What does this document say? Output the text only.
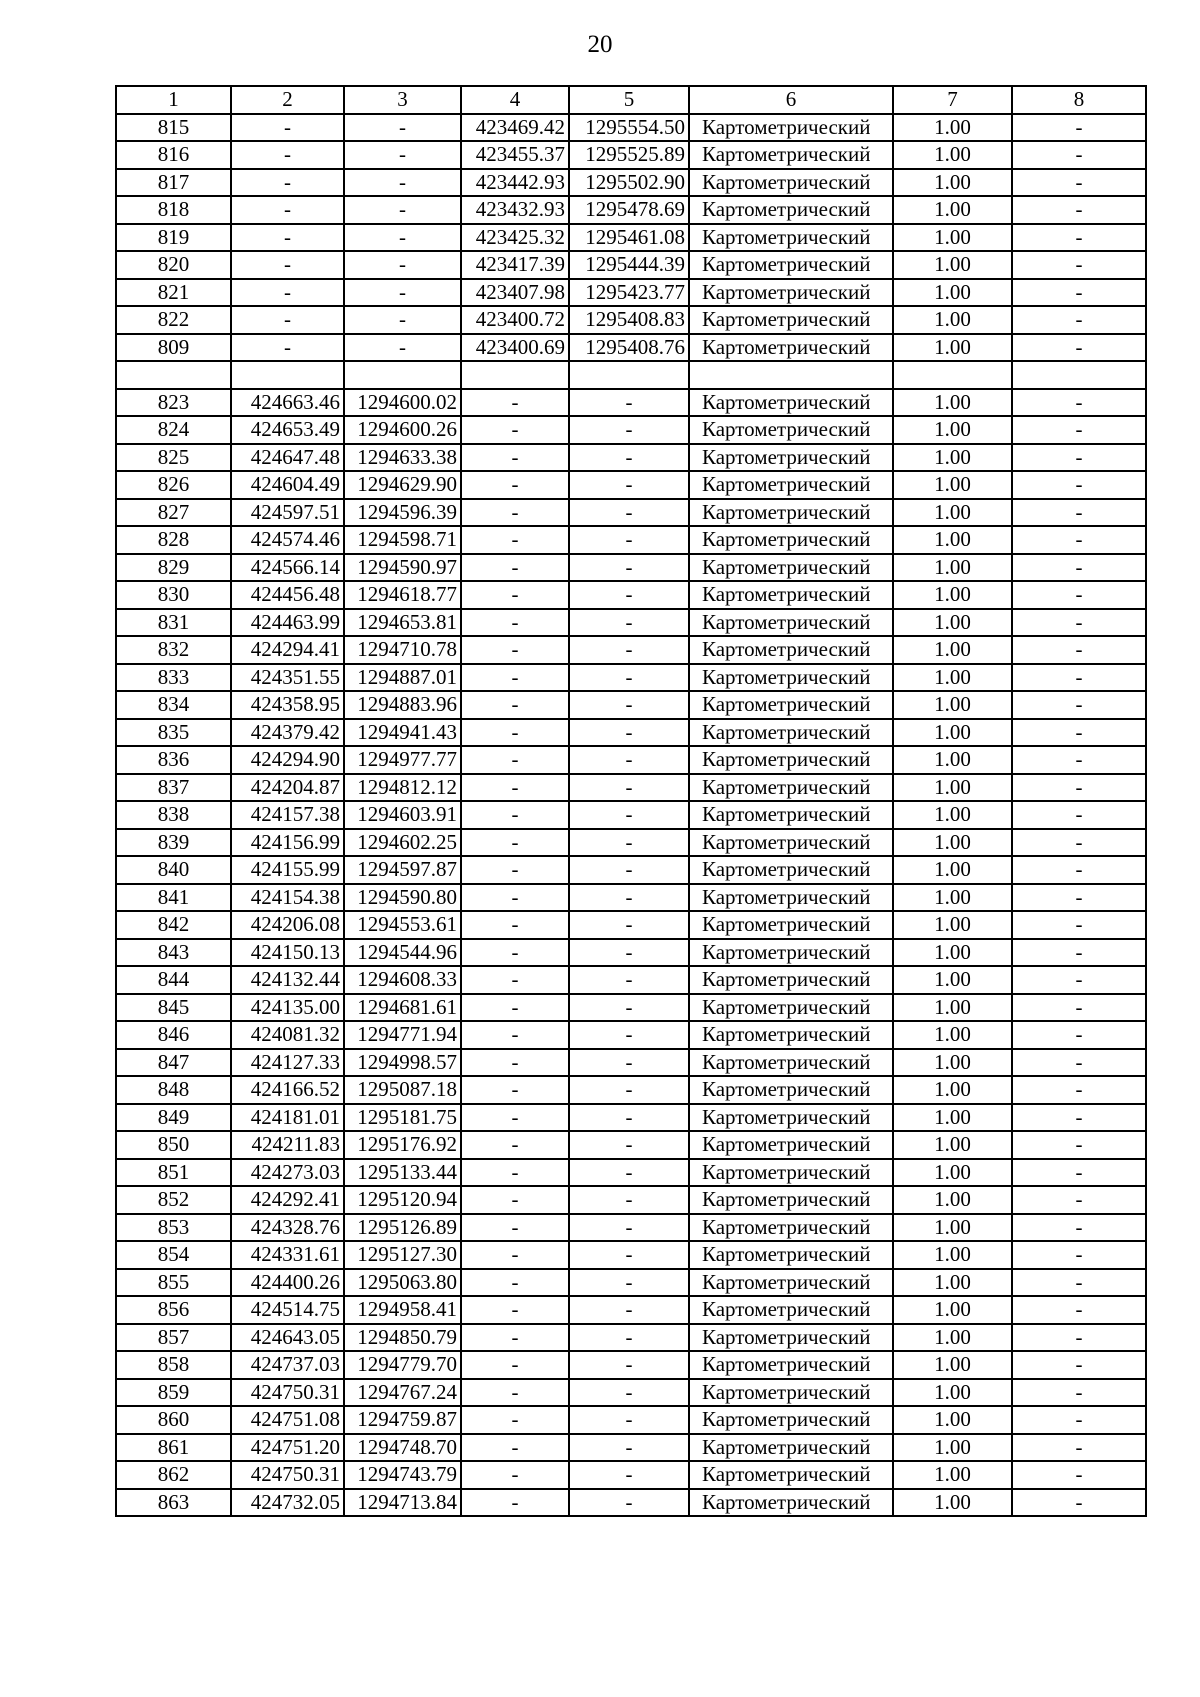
20
1	2	3	4	5	6	7	8
815	-	-	423469.42	1295554.50	Картометрический	1.00	-
816	-	-	423455.37	1295525.89	Картометрический	1.00	-
817	-	-	423442.93	1295502.90	Картометрический	1.00	-
818	-	-	423432.93	1295478.69	Картометрический	1.00	-
819	-	-	423425.32	1295461.08	Картометрический	1.00	-
820	-	-	423417.39	1295444.39	Картометрический	1.00	-
821	-	-	423407.98	1295423.77	Картометрический	1.00	-
822	-	-	423400.72	1295408.83	Картометрический	1.00	-
809	-	-	423400.69	1295408.76	Картометрический	1.00	-

823	424663.46	1294600.02	-	-	Картометрический	1.00	-
824	424653.49	1294600.26	-	-	Картометрический	1.00	-
825	424647.48	1294633.38	-	-	Картометрический	1.00	-
826	424604.49	1294629.90	-	-	Картометрический	1.00	-
827	424597.51	1294596.39	-	-	Картометрический	1.00	-
828	424574.46	1294598.71	-	-	Картометрический	1.00	-
829	424566.14	1294590.97	-	-	Картометрический	1.00	-
830	424456.48	1294618.77	-	-	Картометрический	1.00	-
831	424463.99	1294653.81	-	-	Картометрический	1.00	-
832	424294.41	1294710.78	-	-	Картометрический	1.00	-
833	424351.55	1294887.01	-	-	Картометрический	1.00	-
834	424358.95	1294883.96	-	-	Картометрический	1.00	-
835	424379.42	1294941.43	-	-	Картометрический	1.00	-
836	424294.90	1294977.77	-	-	Картометрический	1.00	-
837	424204.87	1294812.12	-	-	Картометрический	1.00	-
838	424157.38	1294603.91	-	-	Картометрический	1.00	-
839	424156.99	1294602.25	-	-	Картометрический	1.00	-
840	424155.99	1294597.87	-	-	Картометрический	1.00	-
841	424154.38	1294590.80	-	-	Картометрический	1.00	-
842	424206.08	1294553.61	-	-	Картометрический	1.00	-
843	424150.13	1294544.96	-	-	Картометрический	1.00	-
844	424132.44	1294608.33	-	-	Картометрический	1.00	-
845	424135.00	1294681.61	-	-	Картометрический	1.00	-
846	424081.32	1294771.94	-	-	Картометрический	1.00	-
847	424127.33	1294998.57	-	-	Картометрический	1.00	-
848	424166.52	1295087.18	-	-	Картометрический	1.00	-
849	424181.01	1295181.75	-	-	Картометрический	1.00	-
850	424211.83	1295176.92	-	-	Картометрический	1.00	-
851	424273.03	1295133.44	-	-	Картометрический	1.00	-
852	424292.41	1295120.94	-	-	Картометрический	1.00	-
853	424328.76	1295126.89	-	-	Картометрический	1.00	-
854	424331.61	1295127.30	-	-	Картометрический	1.00	-
855	424400.26	1295063.80	-	-	Картометрический	1.00	-
856	424514.75	1294958.41	-	-	Картометрический	1.00	-
857	424643.05	1294850.79	-	-	Картометрический	1.00	-
858	424737.03	1294779.70	-	-	Картометрический	1.00	-
859	424750.31	1294767.24	-	-	Картометрический	1.00	-
860	424751.08	1294759.87	-	-	Картометрический	1.00	-
861	424751.20	1294748.70	-	-	Картометрический	1.00	-
862	424750.31	1294743.79	-	-	Картометрический	1.00	-
863	424732.05	1294713.84	-	-	Картометрический	1.00	-
